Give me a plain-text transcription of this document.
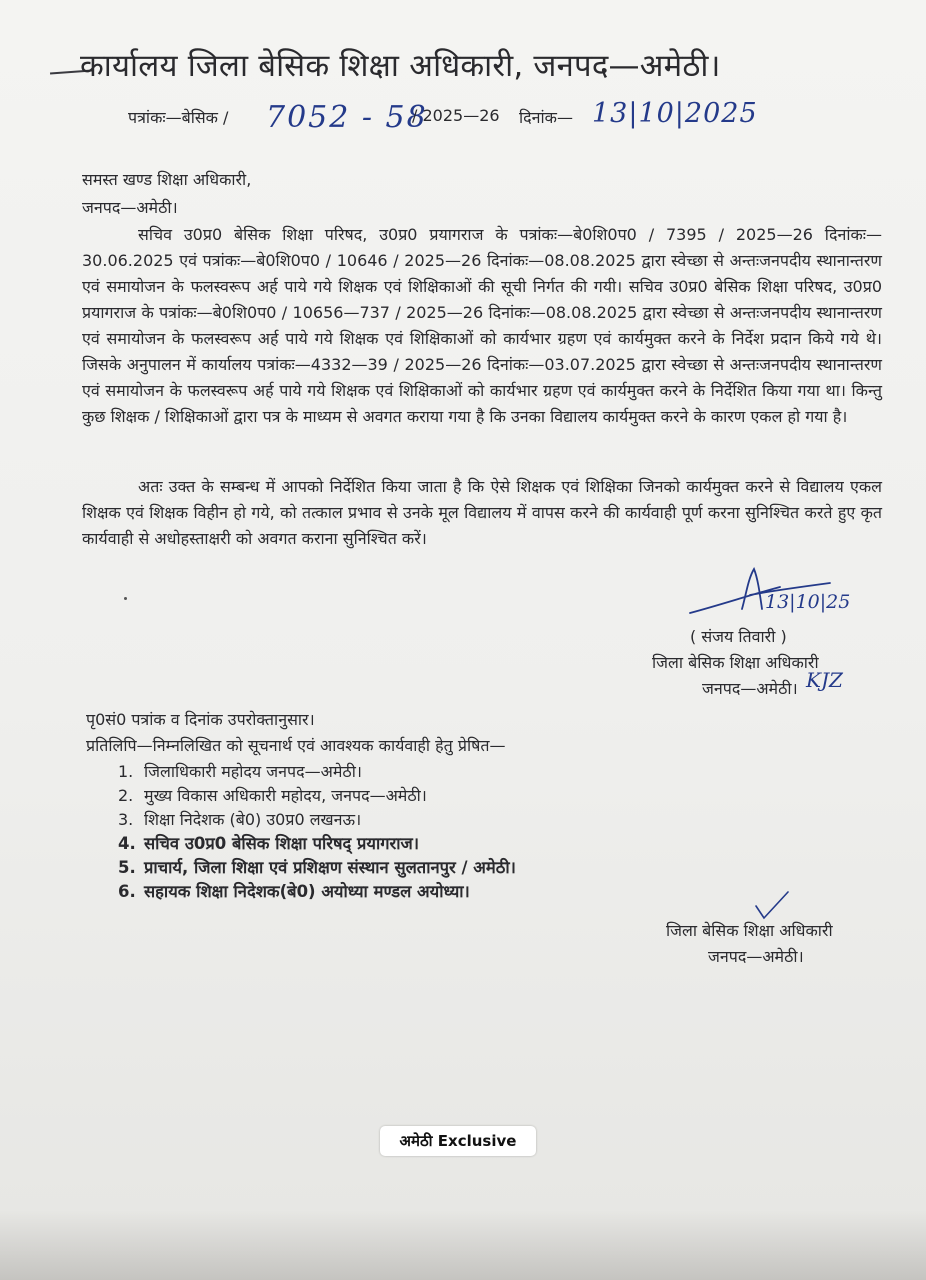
कार्यालय जिला बेसिक शिक्षा अधिकारी, जनपद—अमेठी।
पत्रांकः—बेसिक / 7052 - 58
/ 2025—26 दिनांक— 13|10|2025
समस्त खण्ड शिक्षा अधिकारी,
जनपद—अमेठी।

सचिव उ0प्र0 बेसिक शिक्षा परिषद, उ0प्र0 प्रयागराज के पत्रांकः—बे0शि0प0 / 7395 / 2025—26 दिनांकः—30.06.2025 एवं पत्रांकः—बे0शि0प0 / 10646 / 2025—26 दिनांकः—08.08.2025 द्वारा स्वेच्छा से अन्तःजनपदीय स्थानान्तरण एवं समायोजन के फलस्वरूप अर्ह पाये गये शिक्षक एवं शिक्षिकाओं की सूची निर्गत की गयी। सचिव उ0प्र0 बेसिक शिक्षा परिषद, उ0प्र0 प्रयागराज के पत्रांकः—बे0शि0प0 / 10656—737 / 2025—26 दिनांकः—08.08.2025 द्वारा स्वेच्छा से अन्तःजनपदीय स्थानान्तरण एवं समायोजन के फलस्वरूप अर्ह पाये गये शिक्षक एवं शिक्षिकाओं को कार्यभार ग्रहण एवं कार्यमुक्त करने के निर्देश प्रदान किये गये थे। जिसके अनुपालन में कार्यालय पत्रांकः—4332—39 / 2025—26 दिनांकः—03.07.2025 द्वारा स्वेच्छा से अन्तःजनपदीय स्थानान्तरण एवं समायोजन के फलस्वरूप अर्ह पाये गये शिक्षक एवं शिक्षिकाओं को कार्यभार ग्रहण एवं कार्यमुक्त करने के निर्देशित किया गया था। किन्तु कुछ शिक्षक / शिक्षिकाओं द्वारा पत्र के माध्यम से अवगत कराया गया है कि उनका विद्यालय कार्यमुक्त करने के कारण एकल हो गया है।

अतः उक्त के सम्बन्ध में आपको निर्देशित किया जाता है कि ऐसे शिक्षक एवं शिक्षिका जिनको कार्यमुक्त करने से विद्यालय एकल शिक्षक एवं शिक्षक विहीन हो गये, को तत्काल प्रभाव से उनके मूल विद्यालय में वापस करने की कार्यवाही पूर्ण करना सुनिश्चित करते हुए कृत कार्यवाही से अधोहस्ताक्षरी को अवगत कराना सुनिश्चित करें।

13|10|25
( संजय तिवारी )
जिला बेसिक शिक्षा अधिकारी
जनपद—अमेठी। KJZ
पृ0सं0 पत्रांक व दिनांक उपरोक्तानुसार।
प्रतिलिपि—निम्नलिखित को सूचनार्थ एवं आवश्यक कार्यवाही हेतु प्रेषित—
1. जिलाधिकारी महोदय जनपद—अमेठी।
2. मुख्य विकास अधिकारी महोदय, जनपद—अमेठी।
3. शिक्षा निदेशक (बे0) उ0प्र0 लखनऊ।
4. सचिव उ0प्र0 बेसिक शिक्षा परिषद् प्रयागराज।
5. प्राचार्य, जिला शिक्षा एवं प्रशिक्षण संस्थान सुलतानपुर / अमेठी।
6. सहायक शिक्षा निदेशक(बे0) अयोध्या मण्डल अयोध्या।
जिला बेसिक शिक्षा अधिकारी
जनपद—अमेठी।
अमेठी Exclusive
